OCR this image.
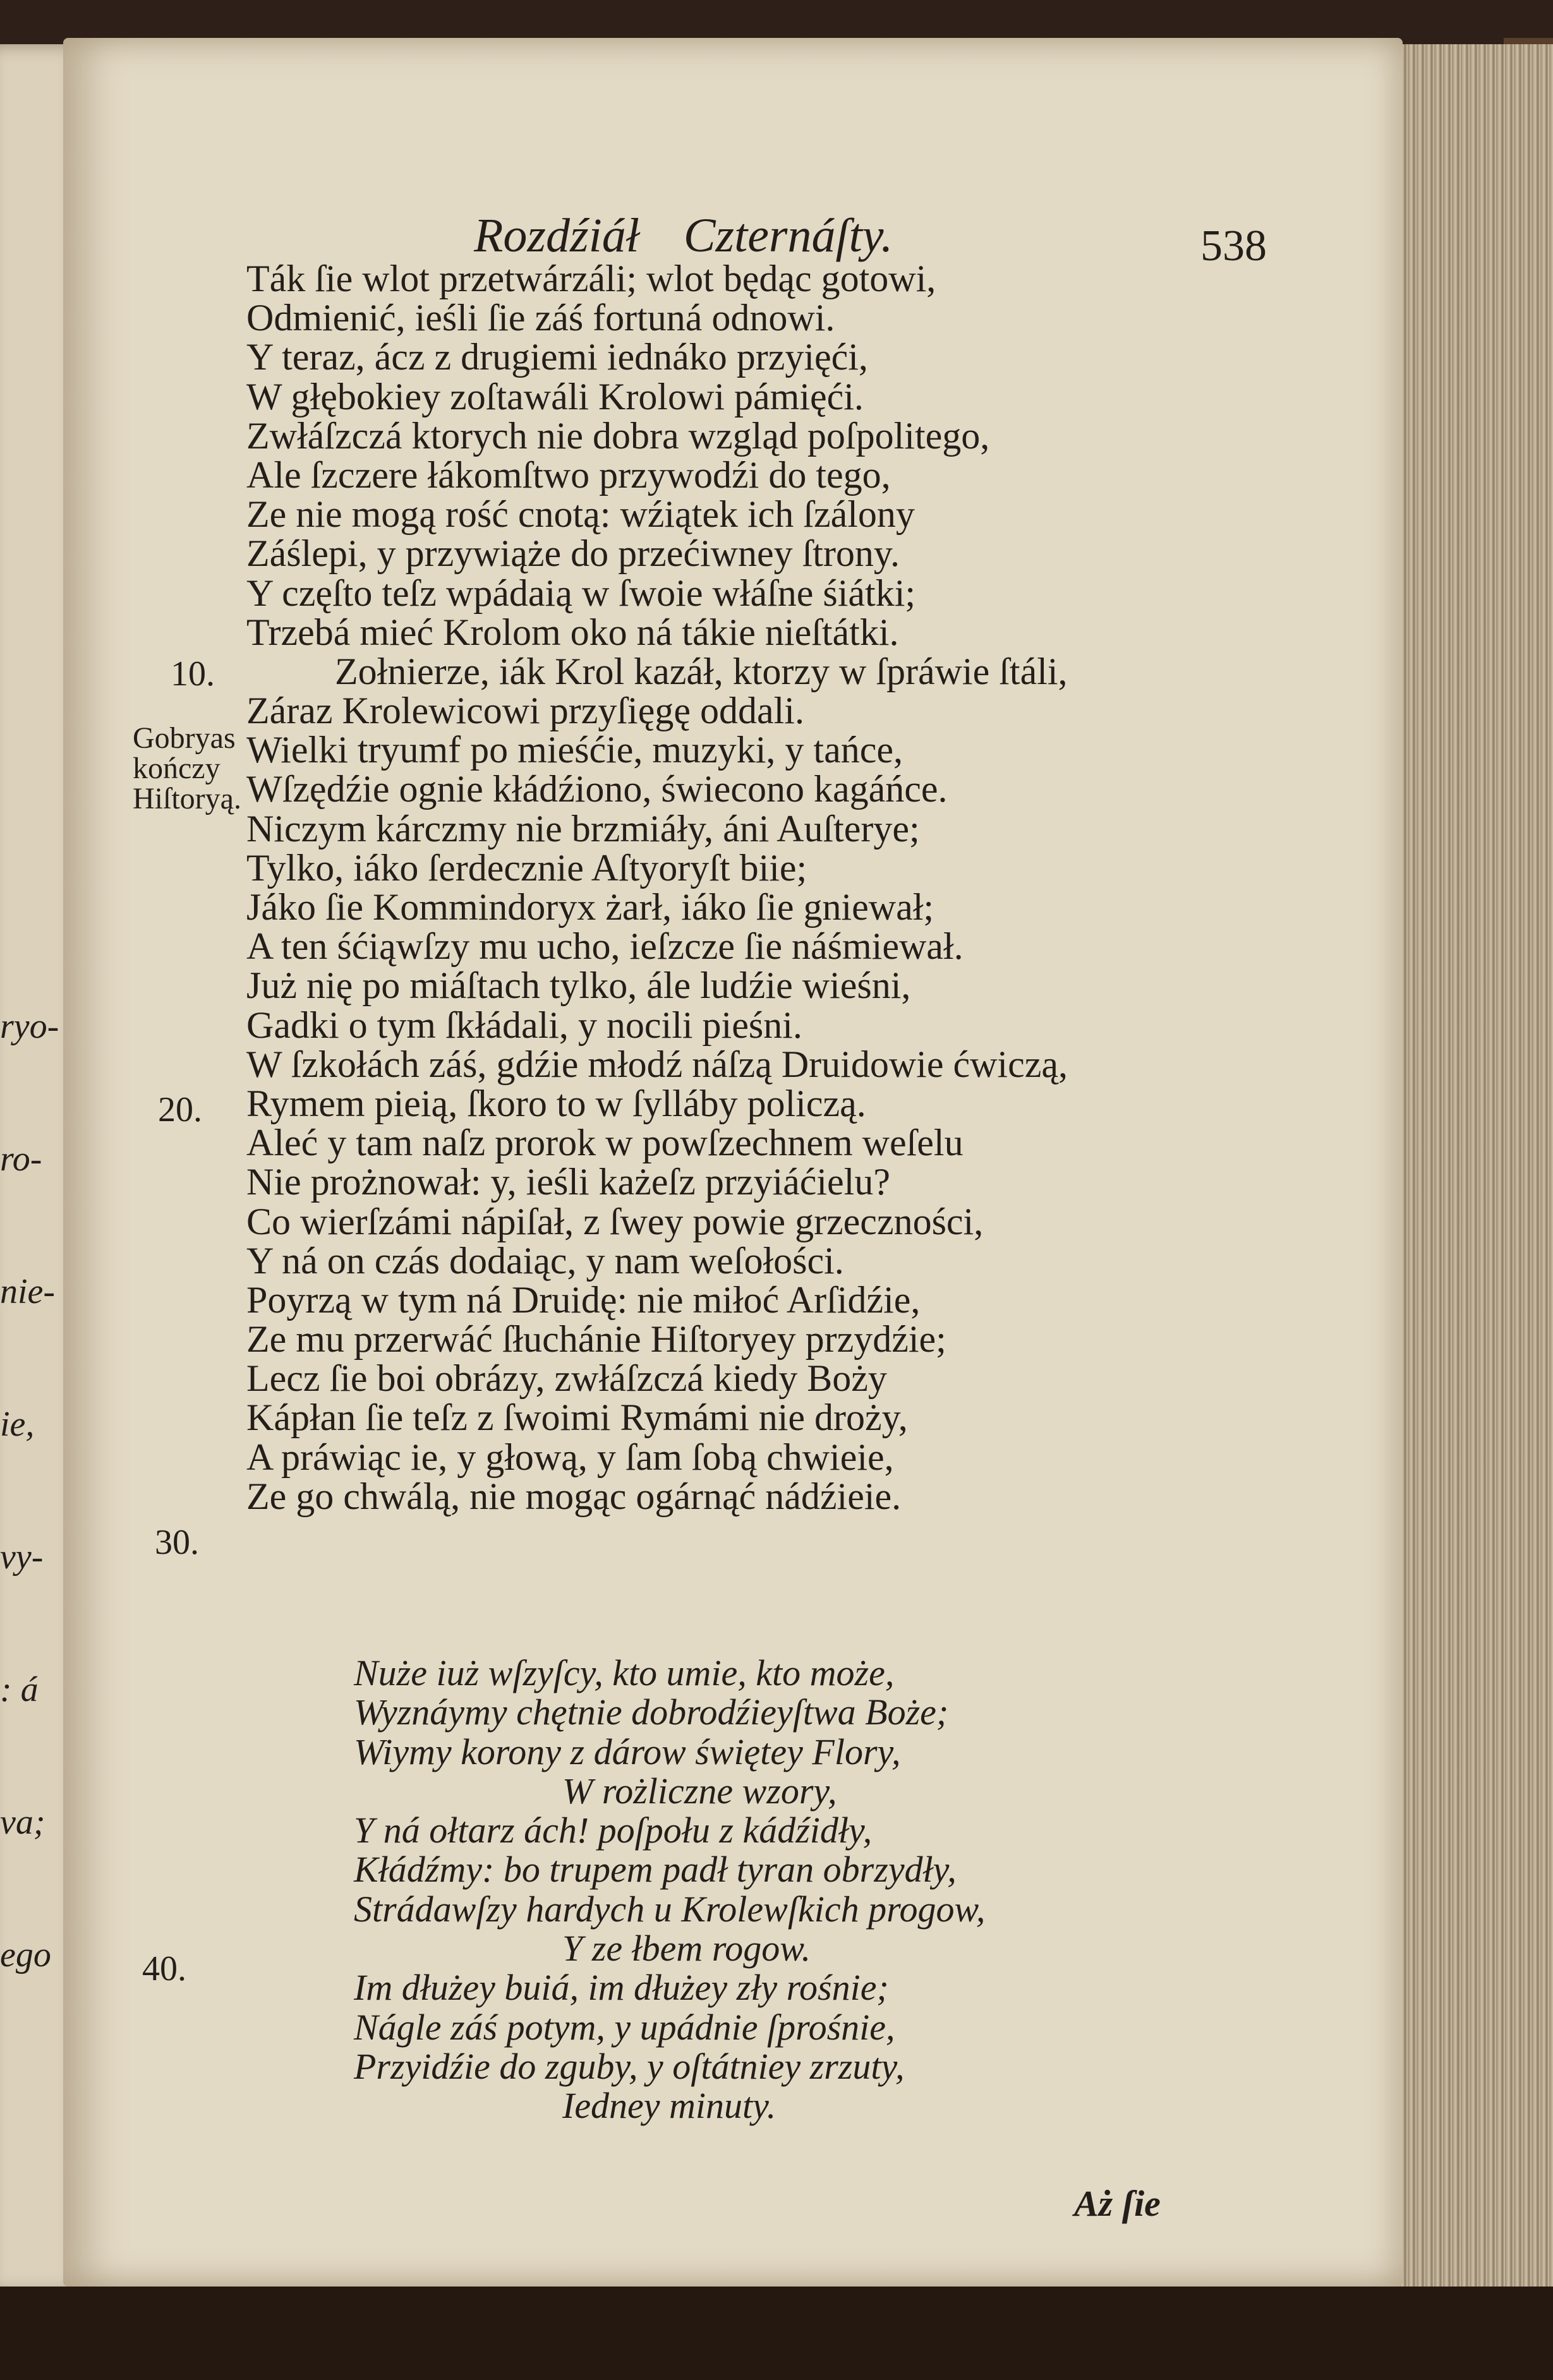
ryo-

ro-

nie-

ie,

vy-

: á

va;

ego

Rozdźiáł Czternáſty.	538
Ták ſie wlot przetwárzáli; wlot będąc gotowi,
Odmienić, ieśli ſie záś fortuná odnowi.
Y teraz, ácz z drugiemi iednáko przyięći,
W głębokiey zoſtawáli Krolowi pámięći.
Zwłáſzczá ktorych nie dobra wzgląd poſpolitego,
Ale ſzczere łákomſtwo przywodźi do tego,
Ze nie mogą rość cnotą: wźiątek ich ſzálony
Záślepi, y przywiąże do przećiwney ſtrony.
Y częſto teſz wpádaią w ſwoie włáſne śiátki;
Trzebá mieć Krolom oko ná tákie nieſtátki.
Zołnierze, iák Krol kazáł, ktorzy w ſpráwie ſtáli,
Záraz Krolewicowi przyſięgę oddali.
Wielki tryumf po mieśćie, muzyki, y tańce,
Wſzędźie ognie kłádźiono, świecono kagáńce.
Niczym kárczmy nie brzmiáły, áni Auſterye;
Tylko, iáko ſerdecznie Aſtyoryſt biie;
Jáko ſie Kommindoryx żarł, iáko ſie gniewał;
A ten śćiąwſzy mu ucho, ieſzcze ſie náśmiewał.
Już nię po miáſtach tylko, ále ludźie wieśni,
Gadki o tym ſkłádali, y nocili pieśni.
W ſzkołách záś, gdźie młodź náſzą Druidowie ćwiczą,
Rymem pieią, ſkoro to w ſylláby policzą.
Aleć y tam naſz prorok w powſzechnem weſelu
Nie prożnował: y, ieśli każeſz przyiáćielu?
Co wierſzámi nápiſał, z ſwey powie grzeczności,
Y ná on czás dodaiąc, y nam weſołości.
Poyrzą w tym ná Druidę: nie miłoć Arſidźie,
Ze mu przerwáć ſłuchánie Hiſtoryey przydźie;
Lecz ſie boi obrázy, zwłáſzczá kiedy Boży
Kápłan ſie teſz z ſwoimi Rymámi nie droży,
A práwiąc ie, y głową, y ſam ſobą chwieie,
Ze go chwálą, nie mogąc ogárnąć nádźieie.
Nuże iuż wſzyſcy, kto umie, kto może,
Wyznáymy chętnie dobrodźieyſtwa Boże;
Wiymy korony z dárow świętey Flory,
W rożliczne wzory,
Y ná ołtarz ách! poſpołu z kádźidły,
Kłádźmy: bo trupem padł tyran obrzydły,
Strádawſzy hardych u Krolewſkich progow,
Y ze łbem rogow.
Im dłużey buiá, im dłużey zły rośnie;
Nágle záś potym, y upádnie ſprośnie,
Przyidźie do zguby, y oſtátniey zrzuty,
Iedney minuty.
10.
20.
30.
40.
Gobryas
kończy
Hiſtoryą.
Aż ſie
